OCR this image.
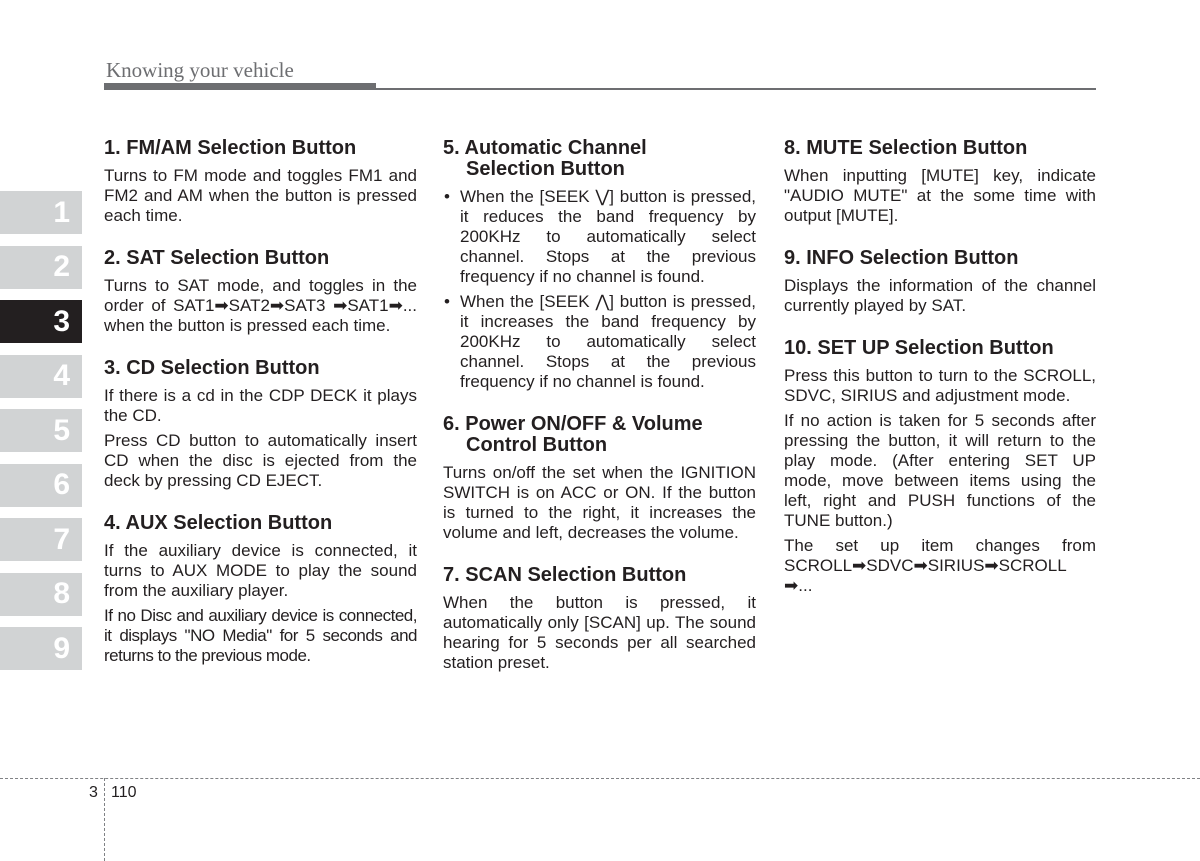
Knowing your vehicle
1
2
3
4
5
6
7
8
9
1. FM/AM Selection Button

Turns to FM mode and toggles FM1 and FM2 and AM when the button is pressed each time.

2. SAT Selection Button

Turns to SAT mode, and toggles in the order of SAT1➡SAT2➡SAT3 ➡SAT1➡... when the button is pressed each time.

3. CD Selection Button

If there is a cd in the CDP DECK it plays the CD.

Press CD button to automatically insert CD when the disc is ejected from the deck by pressing CD EJECT.

4. AUX Selection Button

If the auxiliary device is connected, it turns to AUX MODE to play the sound from the auxiliary player.

If no Disc and auxiliary device is connected, it displays "NO Media" for 5 seconds and returns to the previous mode.

5. Automatic Channel
Selection Button
• When the [SEEK ⋁] button is pressed, it reduces the band frequency by 200KHz to automatically select channel. Stops at the previous frequency if no channel is found.
• When the [SEEK ⋀] button is pressed, it increases the band frequency by 200KHz to automatically select channel. Stops at the previous frequency if no channel is found.
6. Power ON/OFF & Volume
Control Button

Turns on/off the set when the IGNITION SWITCH is on ACC or ON. If the button is turned to the right, it increases the volume and left, decreases the volume.

7. SCAN Selection Button

When the button is pressed, it automatically only [SCAN] up. The sound hearing for 5 seconds per all searched station preset.

8. MUTE Selection Button

When inputting [MUTE] key, indicate "AUDIO MUTE" at the some time with output [MUTE].

9. INFO Selection Button

Displays the information of the channel currently played by SAT.

10. SET UP Selection Button

Press this button to turn to the SCROLL, SDVC, SIRIUS and adjustment mode.

If no action is taken for 5 seconds after pressing the button, it will return to the play mode. (After entering SET UP mode, move between items using the left, right and PUSH functions of the TUNE button.)

The set up item changes from SCROLL➡SDVC➡SIRIUS➡SCROLL ➡...

3 110
